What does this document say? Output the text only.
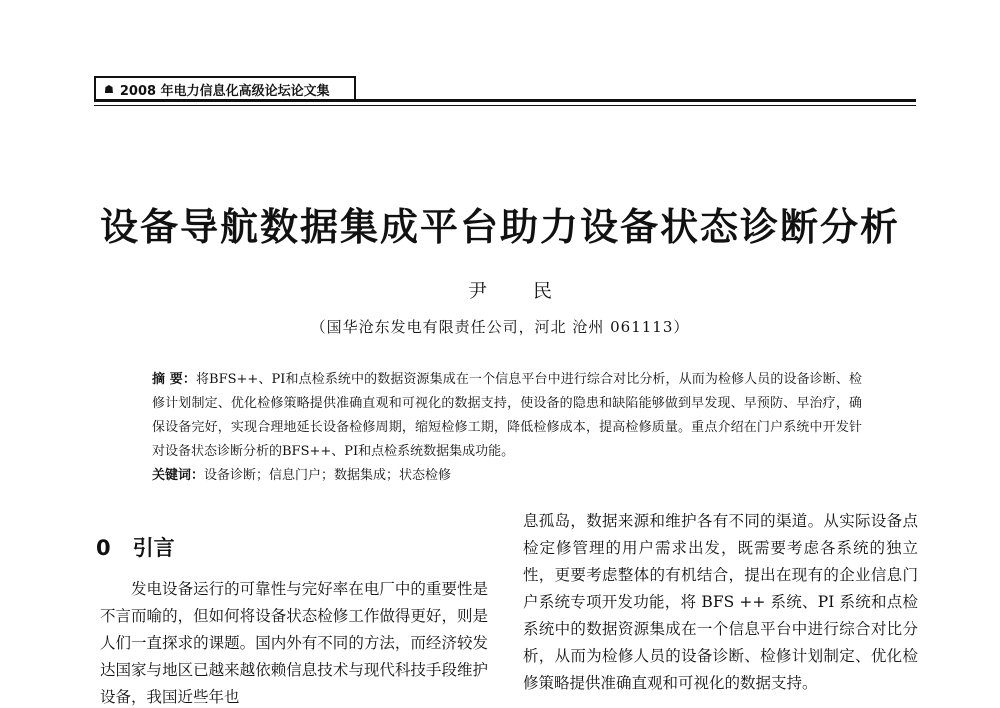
☗ 2008 年电力信息化高级论坛论文集
设备导航数据集成平台助力设备状态诊断分析
尹 民
（国华沧东发电有限责任公司，河北 沧州 061113）
摘 要：将BFS++、PI和点检系统中的数据资源集成在一个信息平台中进行综合对比分析，从而为检修人员的设备诊断、检修计划制定、优化检修策略提供准确直观和可视化的数据支持，使设备的隐患和缺陷能够做到早发现、早预防、早治疗，确保设备完好，实现合理地延长设备检修周期，缩短检修工期，降低检修成本，提高检修质量。重点介绍在门户系统中开发针对设备状态诊断分析的BFS++、PI和点检系统数据集成功能。
关键词：设备诊断；信息门户；数据集成；状态检修
0 引言
发电设备运行的可靠性与完好率在电厂中的重要性是不言而喻的，但如何将设备状态检修工作做得更好，则是人们一直探求的课题。国内外有不同的方法，而经济较发达国家与地区已越来越依赖信息技术与现代科技手段维护设备，我国近些年也
息孤岛，数据来源和维护各有不同的渠道。从实际设备点检定修管理的用户需求出发，既需要考虑各系统的独立性，更要考虑整体的有机结合，提出在现有的企业信息门户系统专项开发功能，将 BFS ++ 系统、PI 系统和点检系统中的数据资源集成在一个信息平台中进行综合对比分析，从而为检修人员的设备诊断、检修计划制定、优化检修策略提供准确直观和可视化的数据支持。
